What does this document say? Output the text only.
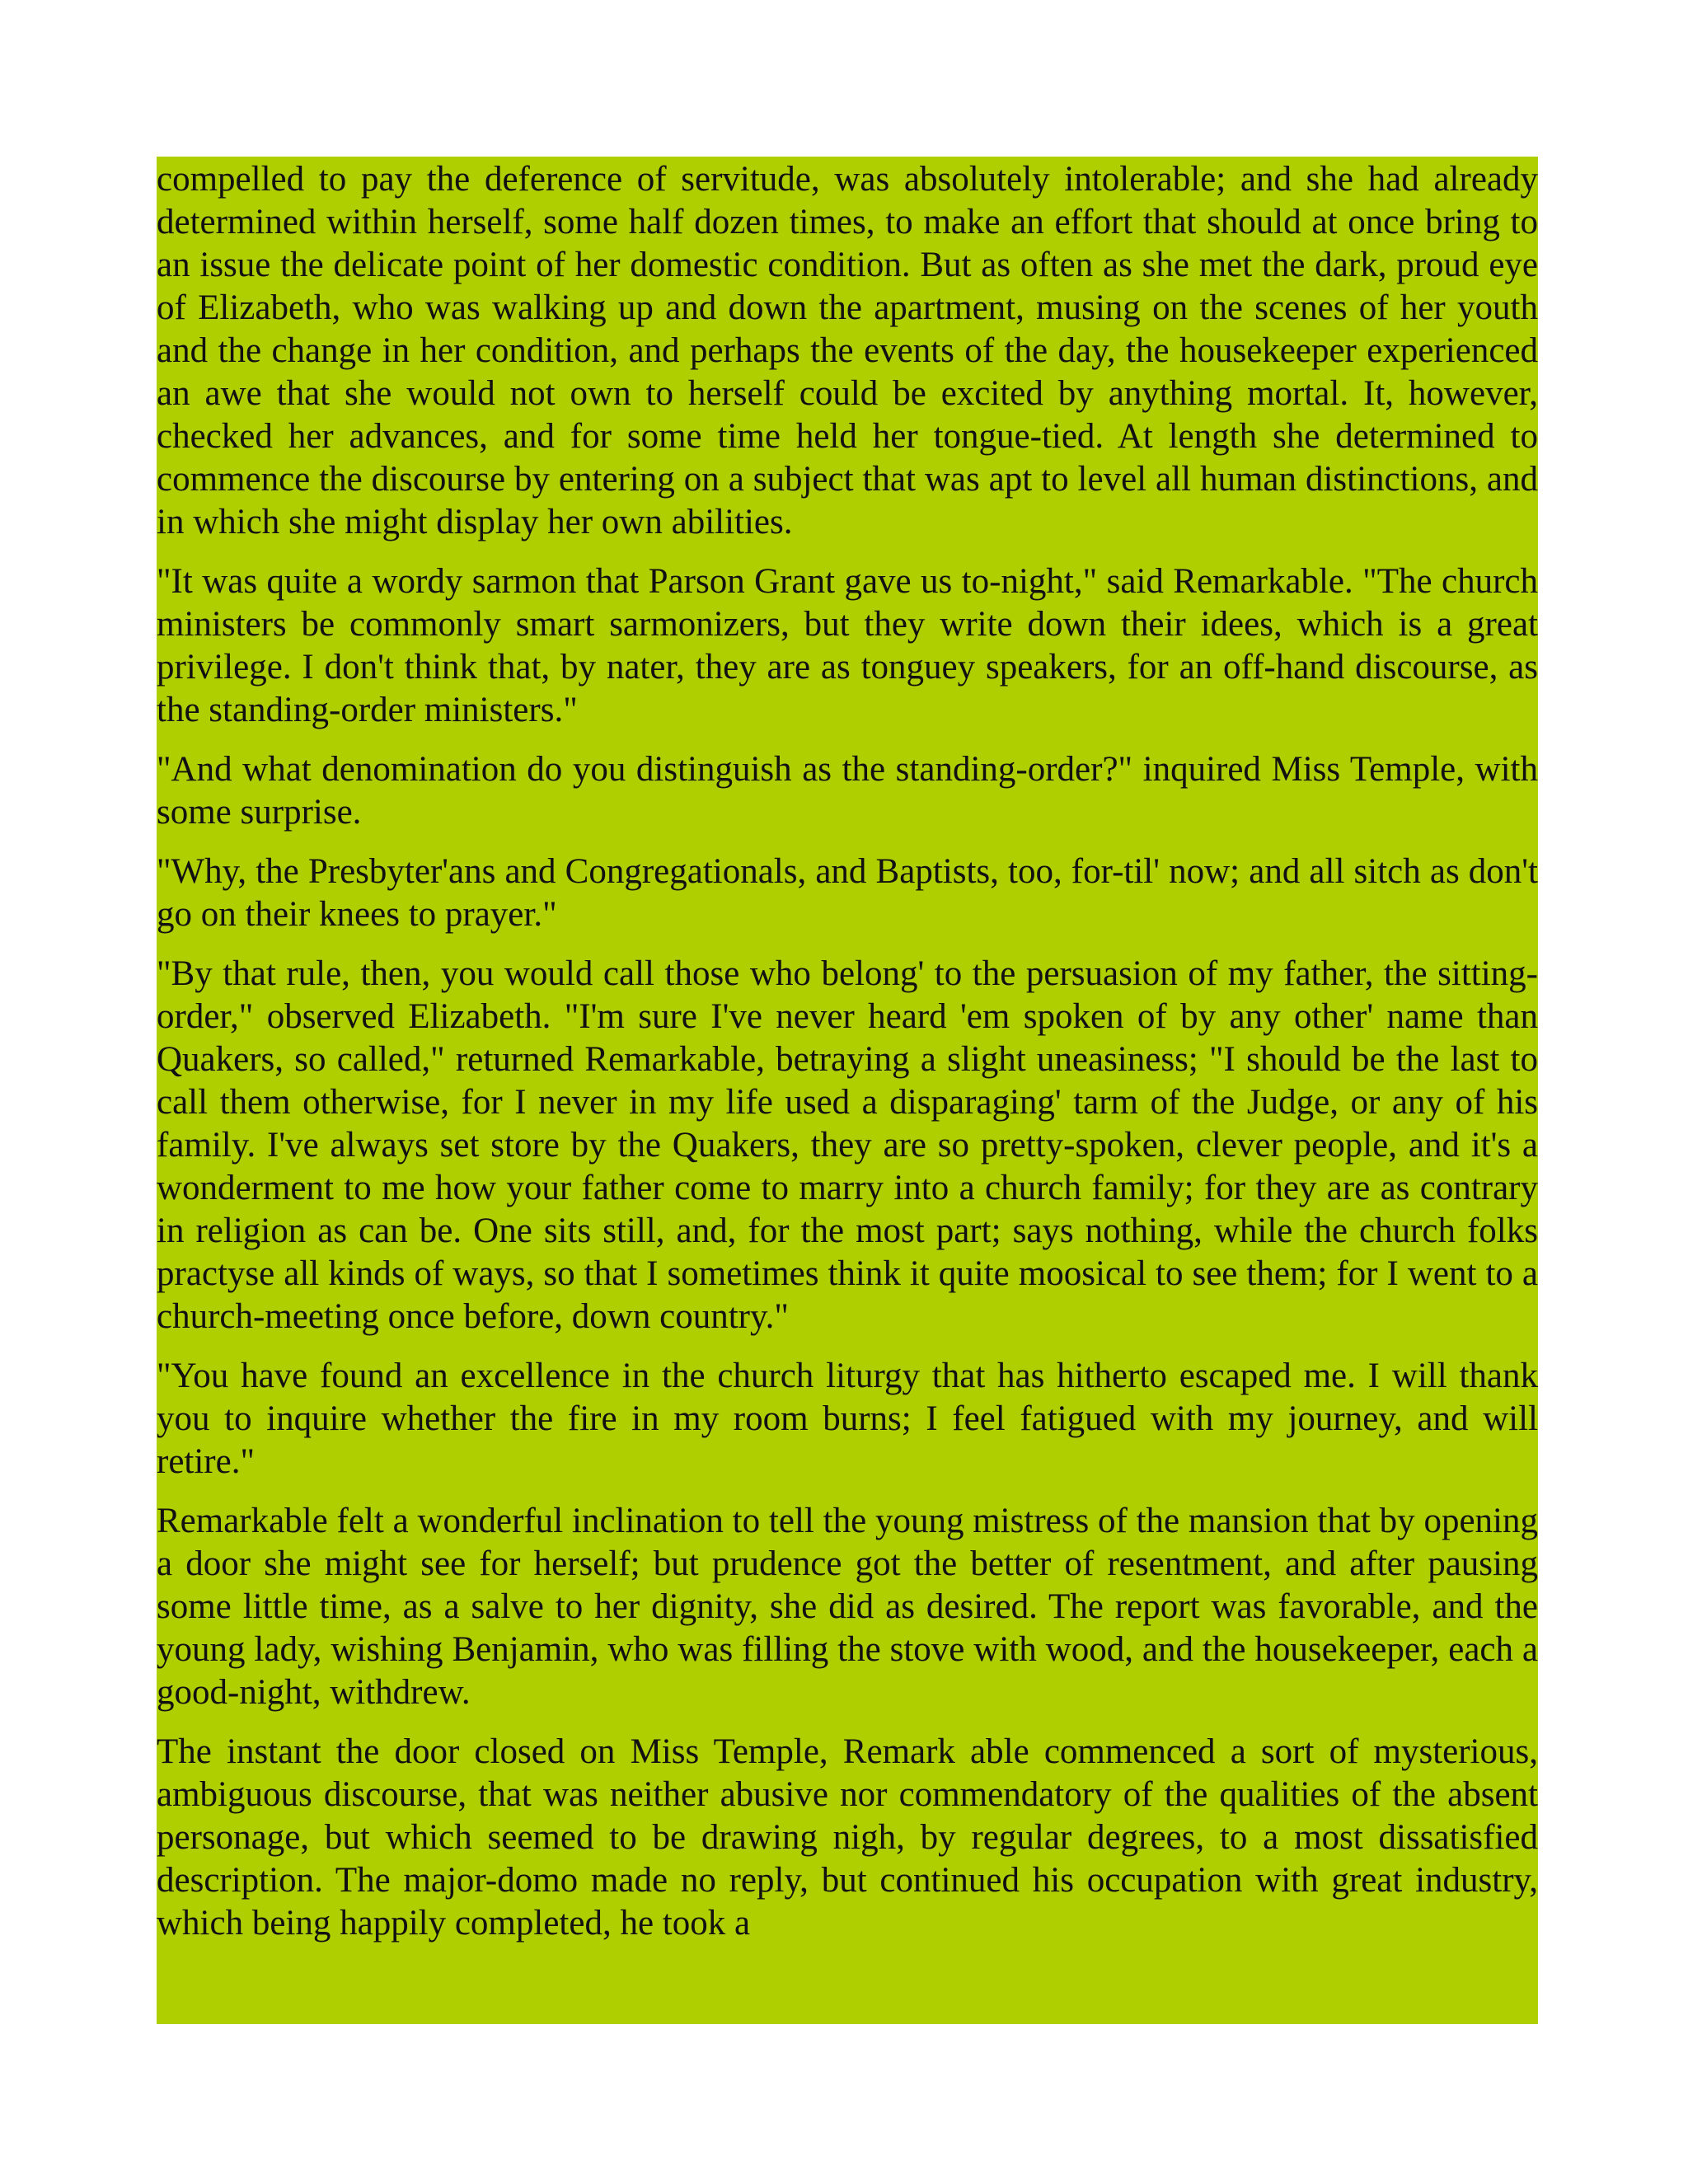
compelled to pay the deference of servitude, was absolutely intolerable; and she had already determined within herself, some half dozen times, to make an effort that should at once bring to an issue the delicate point of her domestic condition. But as often as she met the dark, proud eye of Elizabeth, who was walking up and down the apartment, musing on the scenes of her youth and the change in her condition, and perhaps the events of the day, the housekeeper experienced an awe that she would not own to herself could be excited by anything mortal. It, however, checked her advances, and for some time held her tongue-tied. At length she determined to commence the discourse by entering on a subject that was apt to level all human distinctions, and in which she might display her own abilities.

"It was quite a wordy sarmon that Parson Grant gave us to-night," said Remarkable. "The church ministers be commonly smart sarmonizers, but they write down their idees, which is a great privilege. I don't think that, by nater, they are as tonguey speakers, for an off-hand discourse, as the standing-order ministers."

"And what denomination do you distinguish as the standing-order?" inquired Miss Temple, with some surprise.

"Why, the Presbyter'ans and Congregationals, and Baptists, too, for-til' now; and all sitch as don't go on their knees to prayer."

"By that rule, then, you would call those who belong' to the persuasion of my father, the sitting-order," observed Elizabeth. "I'm sure I've never heard 'em spoken of by any other' name than Quakers, so called," returned Remarkable, betraying a slight uneasiness; "I should be the last to call them otherwise, for I never in my life used a disparaging' tarm of the Judge, or any of his family. I've always set store by the Quakers, they are so pretty-spoken, clever people, and it's a wonderment to me how your father come to marry into a church family; for they are as contrary in religion as can be. One sits still, and, for the most part; says nothing, while the church folks practyse all kinds of ways, so that I sometimes think it quite moosical to see them; for I went to a church-meeting once before, down country."

"You have found an excellence in the church liturgy that has hitherto escaped me. I will thank you to inquire whether the fire in my room burns; I feel fatigued with my journey, and will retire."

Remarkable felt a wonderful inclination to tell the young mistress of the mansion that by opening a door she might see for herself; but prudence got the better of resentment, and after pausing some little time, as a salve to her dignity, she did as desired. The report was favorable, and the young lady, wishing Benjamin, who was filling the stove with wood, and the housekeeper, each a good-night, withdrew.

The instant the door closed on Miss Temple, Remark able commenced a sort of mysterious, ambiguous discourse, that was neither abusive nor commendatory of the qualities of the absent personage, but which seemed to be drawing nigh, by regular degrees, to a most dissatisfied description. The major-domo made no reply, but continued his occupation with great industry, which being happily completed, he took a
